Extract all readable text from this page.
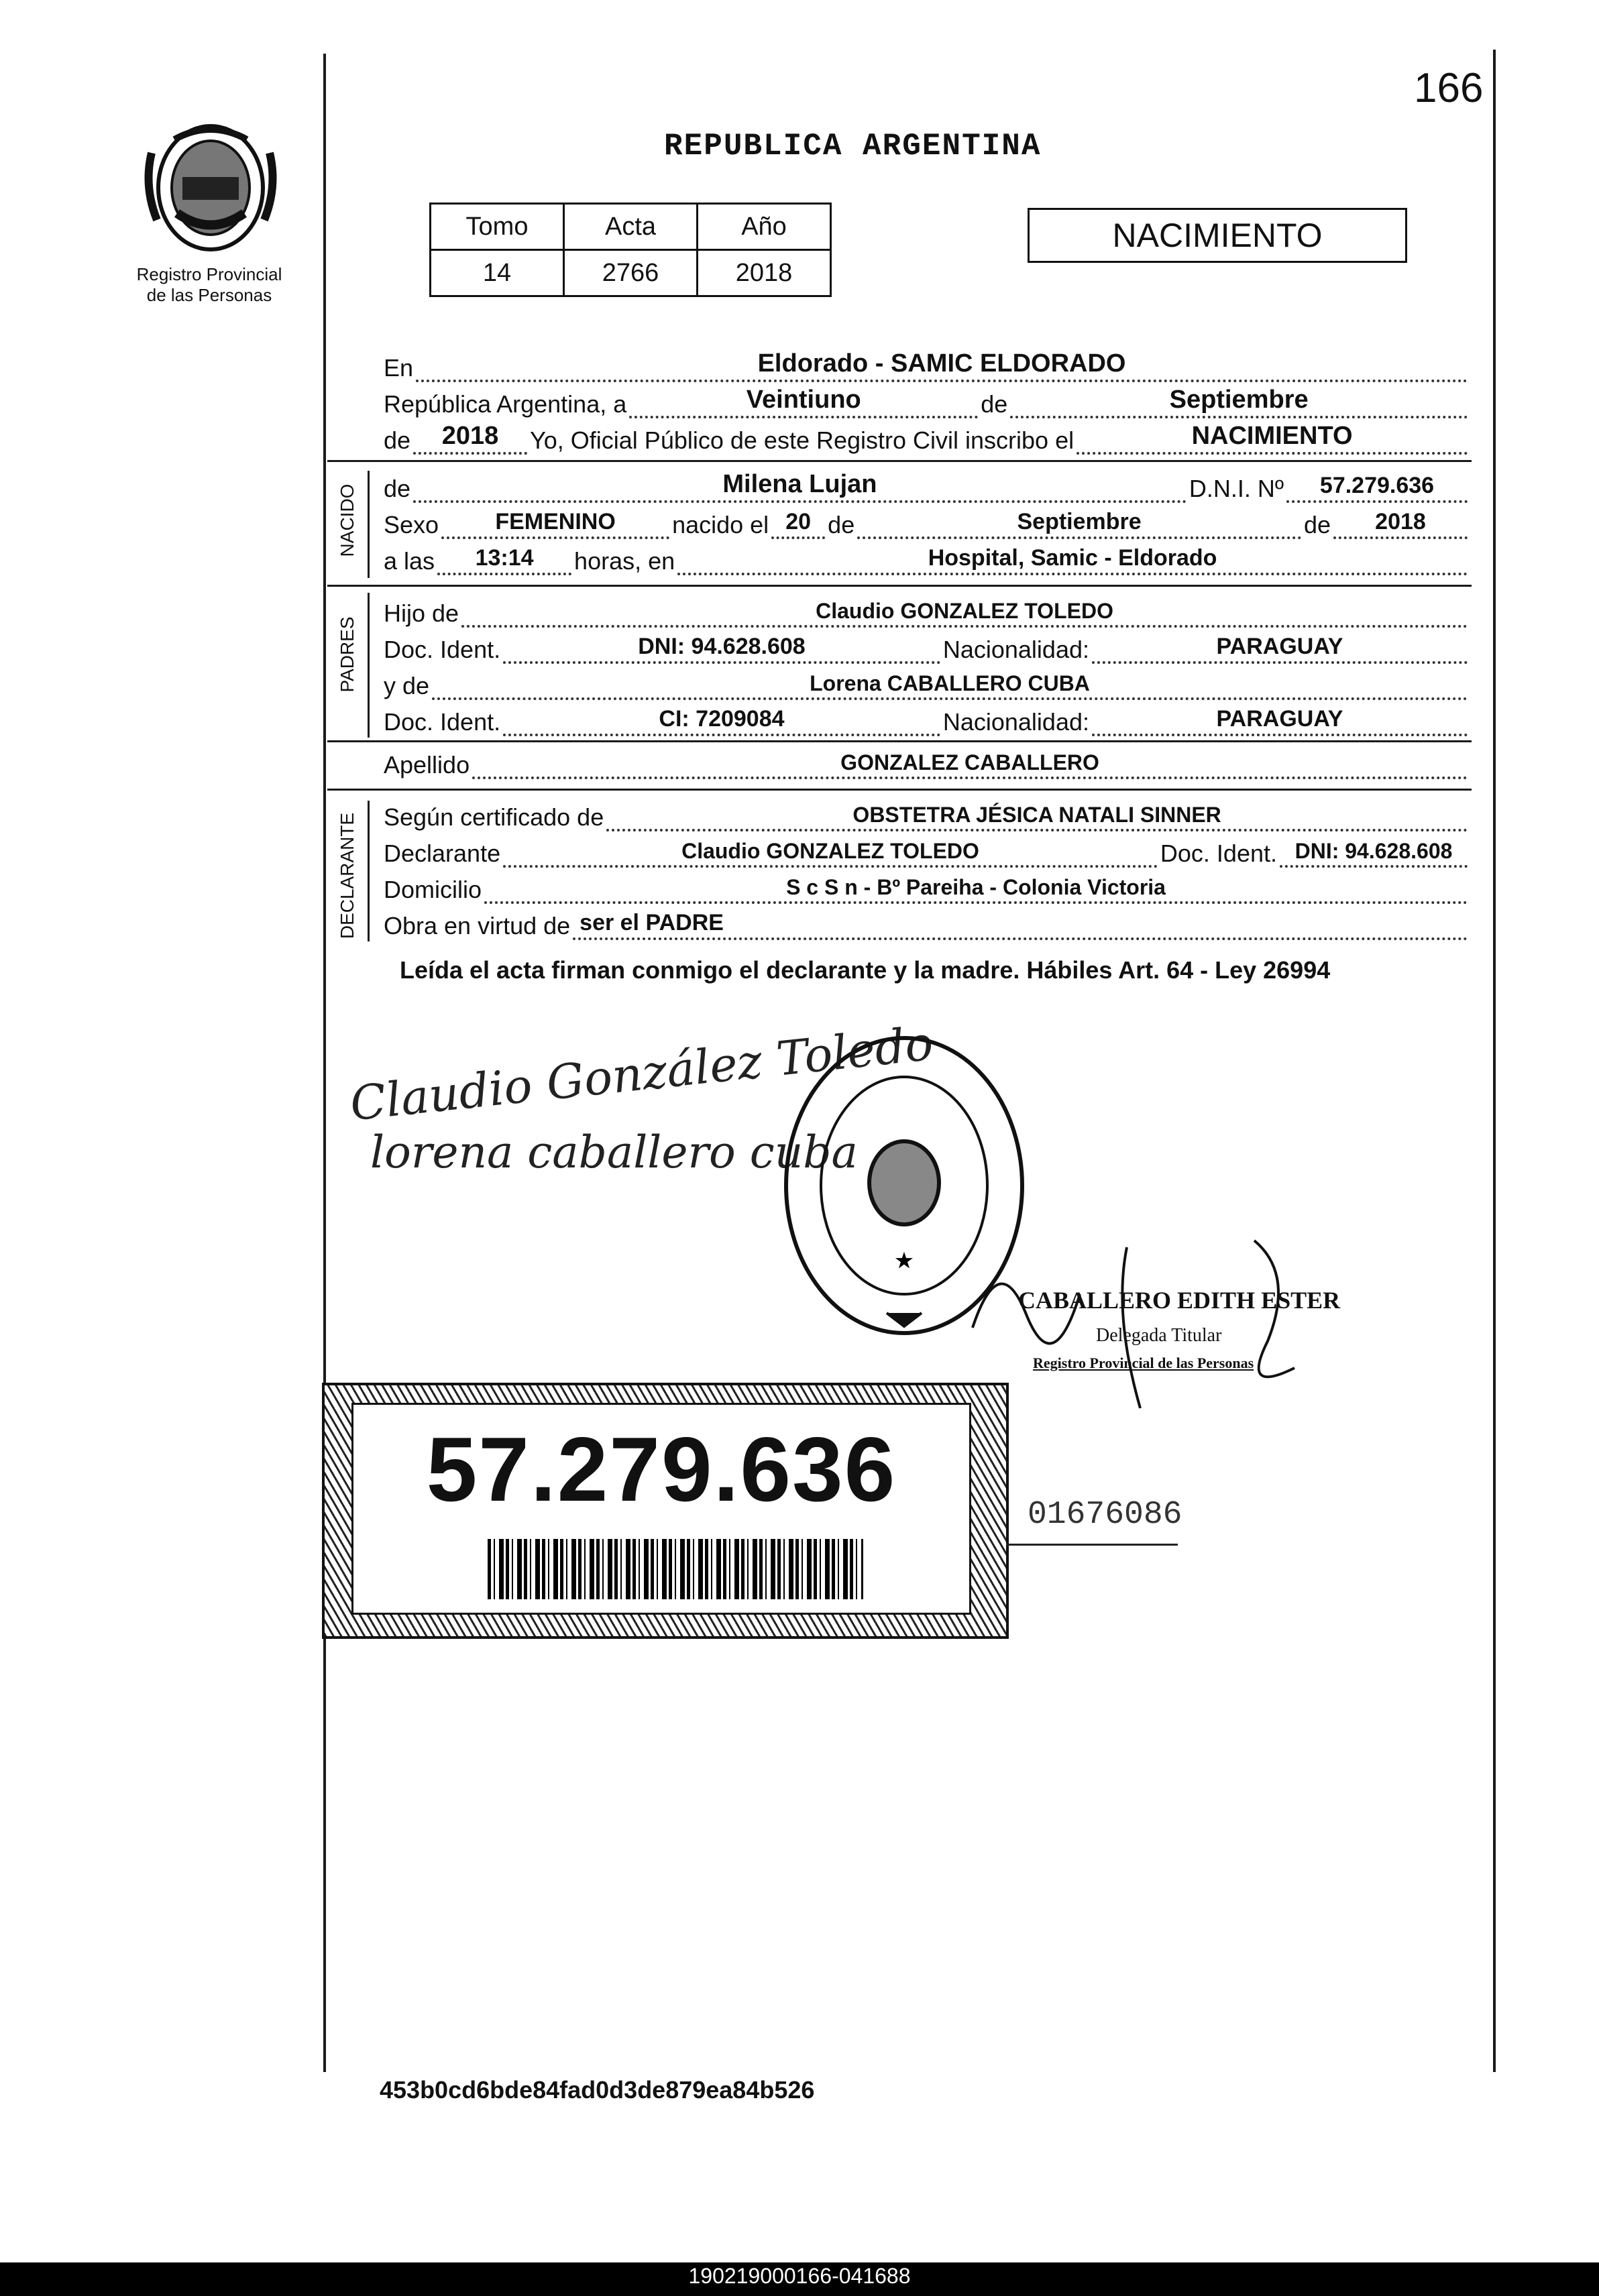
166
Registro Provincial
de las Personas
REPUBLICA ARGENTINA
Tomo	Acta	Año
14	2766	2018
NACIMIENTO
En	Eldorado - SAMIC ELDORADO
República Argentina, a	Veintiuno	de	Septiembre
de	2018	Yo, Oficial Público de este Registro Civil inscribo el	NACIMIENTO
NACIDO de	Milena Lujan	D.N.I. Nº	57.279.636
Sexo	FEMENINO	nacido el 20 de	Septiembre	de	2018
a las	13:14	horas, en	Hospital, Samic - Eldorado
PADRES
Hijo de	Claudio GONZALEZ TOLEDO
Doc. Ident.	DNI: 94.628.608	Nacionalidad:	PARAGUAY
y de	Lorena CABALLERO CUBA
Doc. Ident.	CI: 7209084	Nacionalidad:	PARAGUAY
Apellido	GONZALEZ CABALLERO
DECLARANTE Según certificado de	OBSTETRA JÉSICA NATALI SINNER
Declarante	Claudio GONZALEZ TOLEDO	Doc. Ident. DNI: 94.628.608
Domicilio	S c S n - Bº Pareiha - Colonia Victoria
Obra en virtud de ser el PADRE
Leída el acta firman conmigo el declarante y la madre. Hábiles Art. 64 - Ley 26994
Claudio González Toledo
lorena caballero cuba
★
CABALLERO EDITH ESTER
Delegada Titular
Registro Provincial de las Personas
57.279.636	01676086
453b0cd6bde84fad0d3de879ea84b526
190219000166-041688
